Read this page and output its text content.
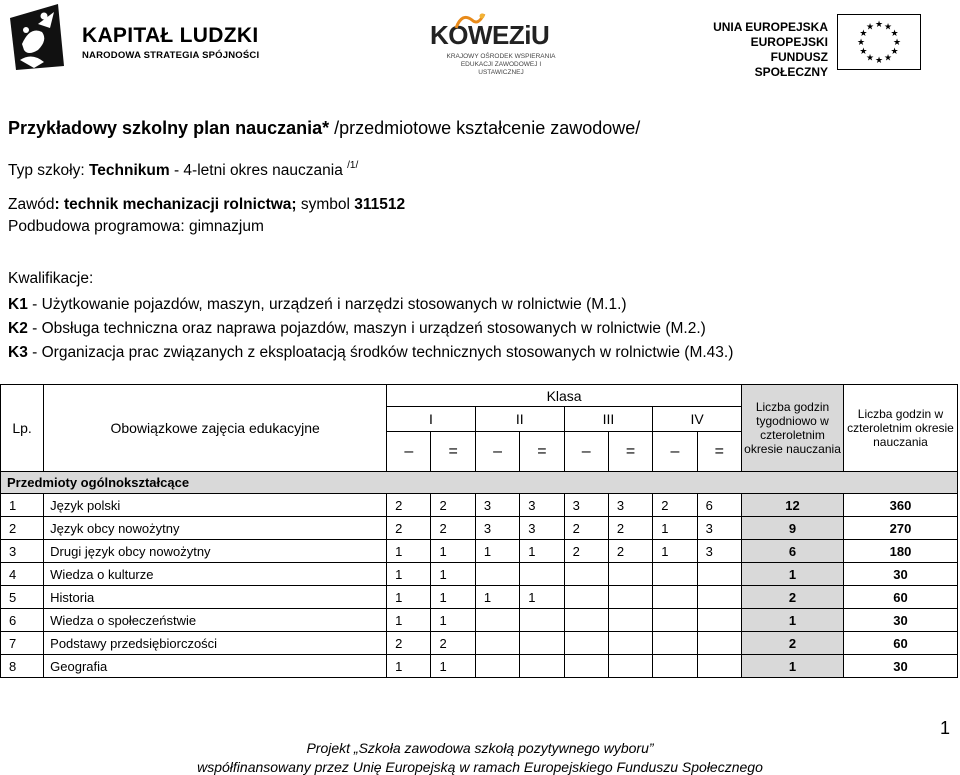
KAPITAŁ LUDZKI
NARODOWA STRATEGIA SPÓJNOŚCI
KOWEZiU
KRAJOWY OŚRODEK WSPIERANIA EDUKACJI ZAWODOWEJ I USTAWICZNEJ
UNIA EUROPEJSKA
EUROPEJSKI
FUNDUSZ SPOŁECZNY
★ ★
★
★
★
★
★
★
★
★
★
★
Przykładowy szkolny plan nauczania* /przedmiotowe kształcenie zawodowe/
Typ szkoły: Technikum - 4-letni okres nauczania $^{/1/}$
Zawód: technik mechanizacji rolnictwa; symbol 311512
Podbudowa programowa: gimnazjum
Kwalifikacje:
K1 - Użytkowanie pojazdów, maszyn, urządzeń i narzędzi stosowanych w rolnictwie (M.1.)
K2 - Obsługa techniczna oraz naprawa pojazdów, maszyn i urządzeń stosowanych w rolnictwie (M.2.)
K3 - Organizacja prac związanych z eksploatacją środków technicznych stosowanych w rolnictwie (M.43.)
Lp.	Obowiązkowe zajęcia edukacyjne	Klasa								Liczba godzin tygodniowo w czteroletnim okresie nauczania	Liczba godzin w czteroletnim okresie nauczania
		I		II		III		IV			
		–	=	–	=	–	=	–	=		
Przedmioty ogólnokształcące											
1	Język polski	2	2	3	3	3	3	2	6	12	360
2	Język obcy nowożytny	2	2	3	3	2	2	1	3	9	270
3	Drugi język obcy nowożytny	1	1	1	1	2	2	1	3	6	180
4	Wiedza o kulturze	1	1							1	30
5	Historia	1	1	1	1					2	60
6	Wiedza o społeczeństwie	1	1							1	30
7	Podstawy przedsiębiorczości	2	2							2	60
8	Geografia	1	1							1	30
1
Projekt „Szkoła zawodowa szkołą pozytywnego wyboru”
współfinansowany przez Unię Europejską w ramach Europejskiego Funduszu Społecznego
